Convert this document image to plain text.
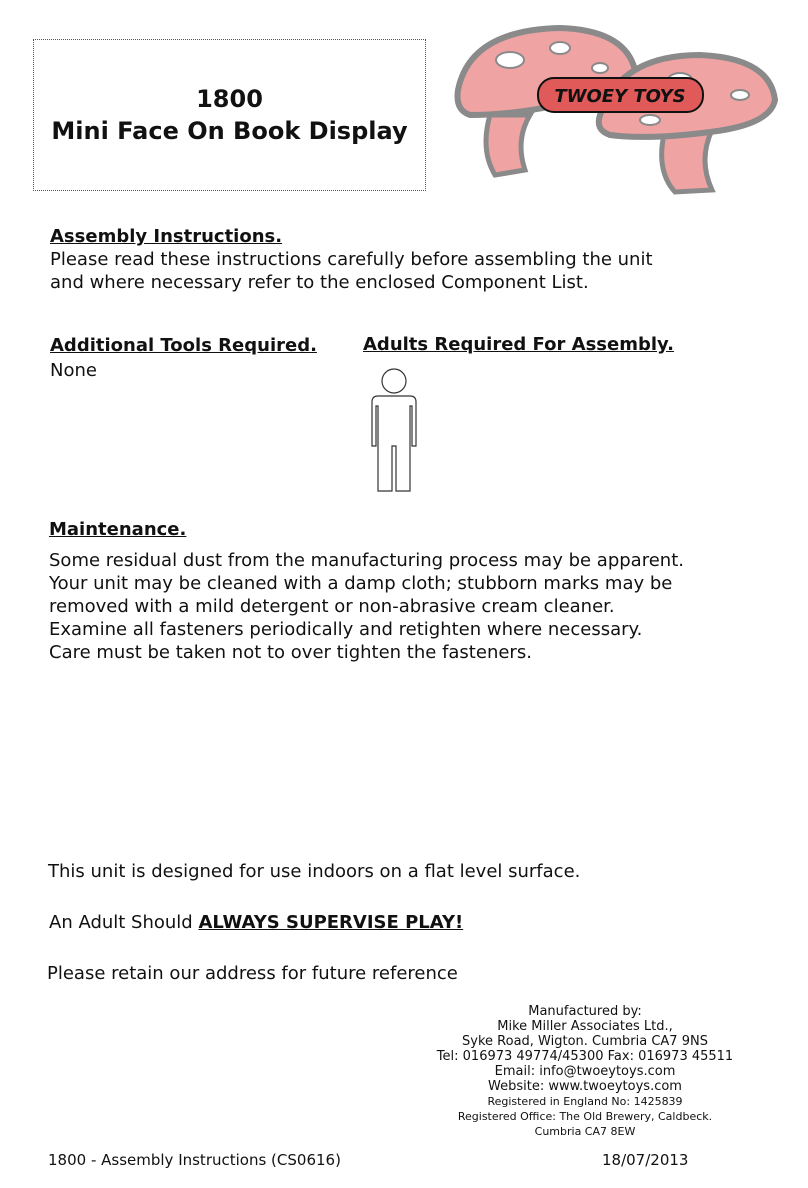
1800
Mini Face On Book Display
TWOEY TOYS
Assembly Instructions.
Please read these instructions carefully before assembling the unit
and where necessary refer to the enclosed Component List.
Additional Tools Required.
None
Adults Required For Assembly.
Maintenance.
Some residual dust from the manufacturing process may be apparent.
Your unit may be cleaned with a damp cloth; stubborn marks may be
removed with a mild detergent or non-abrasive cream cleaner.
Examine all fasteners periodically and retighten where necessary.
Care must be taken not to over tighten the fasteners.
This unit is designed for use indoors on a flat level surface.
An Adult Should ALWAYS SUPERVISE PLAY!
Please retain our address for future reference
Manufactured by:
Mike Miller Associates Ltd.,
Syke Road, Wigton. Cumbria CA7 9NS
Tel: 016973 49774/45300 Fax: 016973 45511
Email: info@twoeytoys.com
Website: www.twoeytoys.com
Registered in England No: 1425839
Registered Office: The Old Brewery, Caldbeck.
Cumbria CA7 8EW
1800 - Assembly Instructions (CS0616)	18/07/2013
